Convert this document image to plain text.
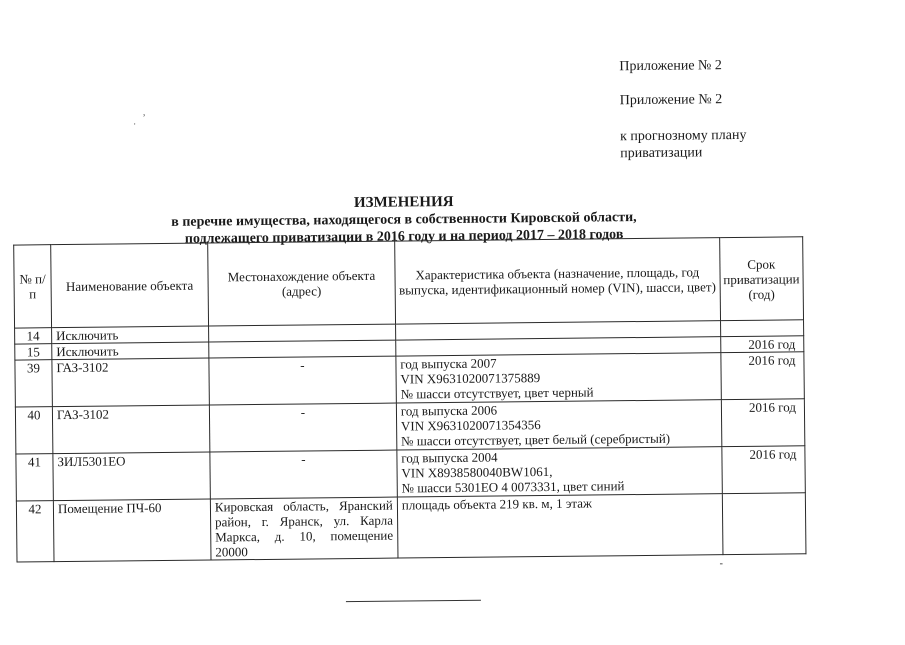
Приложение № 2
Приложение № 2
к прогнозному плану приватизации
,
·
ИЗМЕНЕНИЯ
в перечне имущества, находящегося в собственности Кировской области,
подлежащего приватизации в 2016 году и на период 2017 – 2018 годов
№ п/п	Наименование объекта	Местонахождение объекта (адрес)	Характеристика объекта (назначение, площадь, год выпуска, идентификационный номер (VIN), шасси, цвет)	Срок приватизации (год)
14	Исключить			
15	Исключить			2016 год

39	ГАЗ-3102	-	год выпуска 2007
VIN X9631020071375889
№ шасси отсутствует, цвет черный	2016 год

40	ГАЗ-3102	-	год выпуска 2006
VIN X9631020071354356
№ шасси отсутствует, цвет белый (серебристый)	2016 год

41	ЗИЛ5301ЕО	-	год выпуска 2004
VIN X8938580040BW1061,
№ шасси 5301ЕО 4 0073331, цвет синий	2016 год

42	Помещение ПЧ-60	Кировская область, Яранский район, г. Яранск, ул. Карла Маркса, д. 10, помещение 20000	площадь объекта 219 кв. м, 1 этаж	

-
